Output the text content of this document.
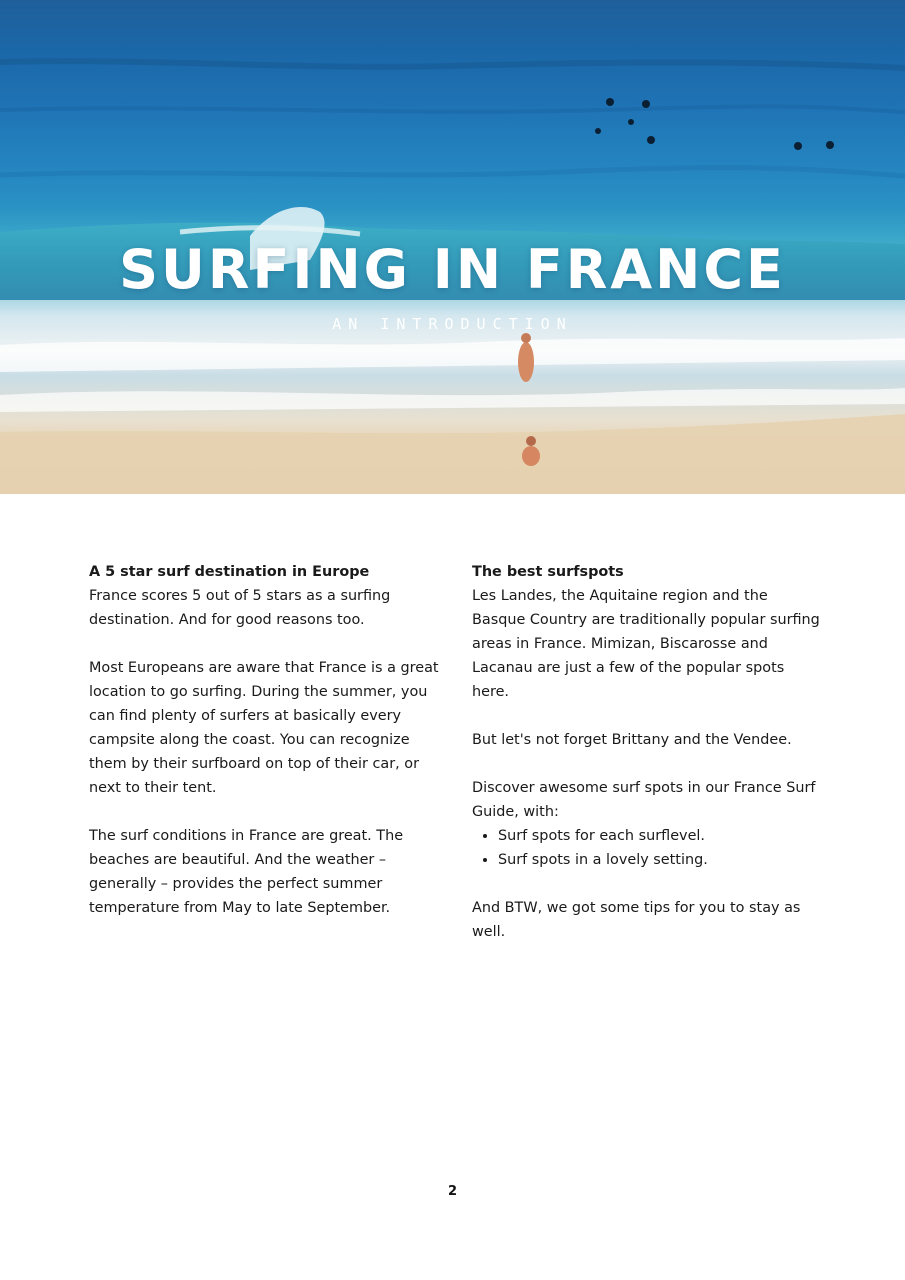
SURFING IN FRANCE

AN INTRODUCTION

A 5 star surf destination in Europe

France scores 5 out of 5 stars as a surfing destination. And for good reasons too.

Most Europeans are aware that France is a great location to go surfing. During the summer, you can find plenty of surfers at basically every campsite along the coast. You can recognize them by their surfboard on top of their car, or next to their tent.

The surf conditions in France are great. The beaches are beautiful. And the weather – generally – provides the perfect summer temperature from May to late September.

The best surfspots

Les Landes, the Aquitaine region and the Basque Country are traditionally popular surfing areas in France. Mimizan, Biscarosse and Lacanau are just a few of the popular spots here.

But let's not forget Brittany and the Vendee.

Discover awesome surf spots in our France Surf Guide, with:

• Surf spots for each surflevel.
• Surf spots in a lovely setting.

And BTW, we got some tips for you to stay as well.

2
